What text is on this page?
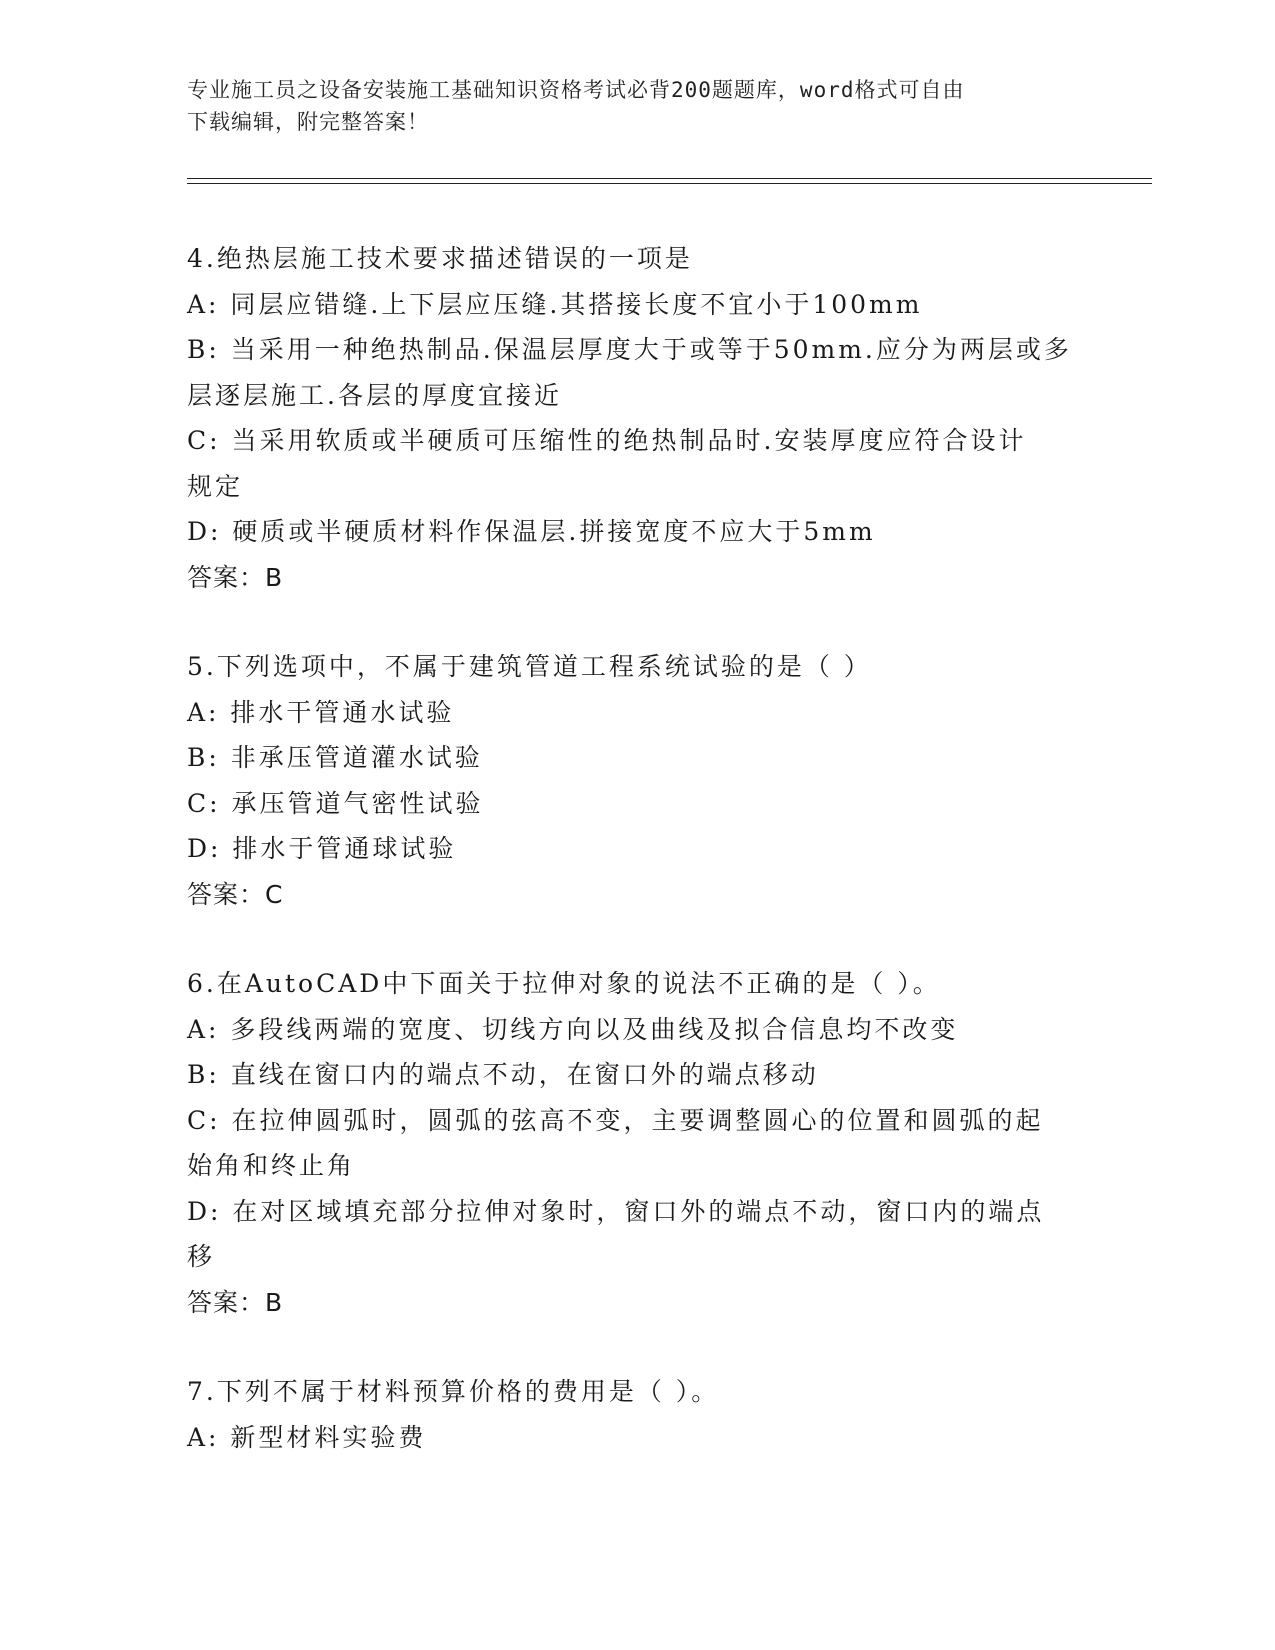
专业施工员之设备安装施工基础知识资格考试必背200题题库，word格式可自由
下载编辑，附完整答案！

4.绝热层施工技术要求描述错误的一项是

A: 同层应错缝.上下层应压缝.其搭接长度不宜小于100mm

B: 当采用一种绝热制品.保温层厚度大于或等于50mm.应分为两层或多

层逐层施工.各层的厚度宜接近

C: 当采用软质或半硬质可压缩性的绝热制品时.安装厚度应符合设计

规定

D: 硬质或半硬质材料作保温层.拼接宽度不应大于5mm

答案：B

5.下列选项中，不属于建筑管道工程系统试验的是（ ）

A: 排水干管通水试验

B: 非承压管道灌水试验

C: 承压管道气密性试验

D: 排水于管通球试验

答案：C

6.在AutoCAD中下面关于拉伸对象的说法不正确的是（ ）。

A: 多段线两端的宽度、切线方向以及曲线及拟合信息均不改变

B: 直线在窗口内的端点不动，在窗口外的端点移动

C: 在拉伸圆弧时，圆弧的弦高不变，主要调整圆心的位置和圆弧的起

始角和终止角

D: 在对区域填充部分拉伸对象时，窗口外的端点不动，窗口内的端点

移

答案：B

7.下列不属于材料预算价格的费用是（ ）。

A: 新型材料实验费
